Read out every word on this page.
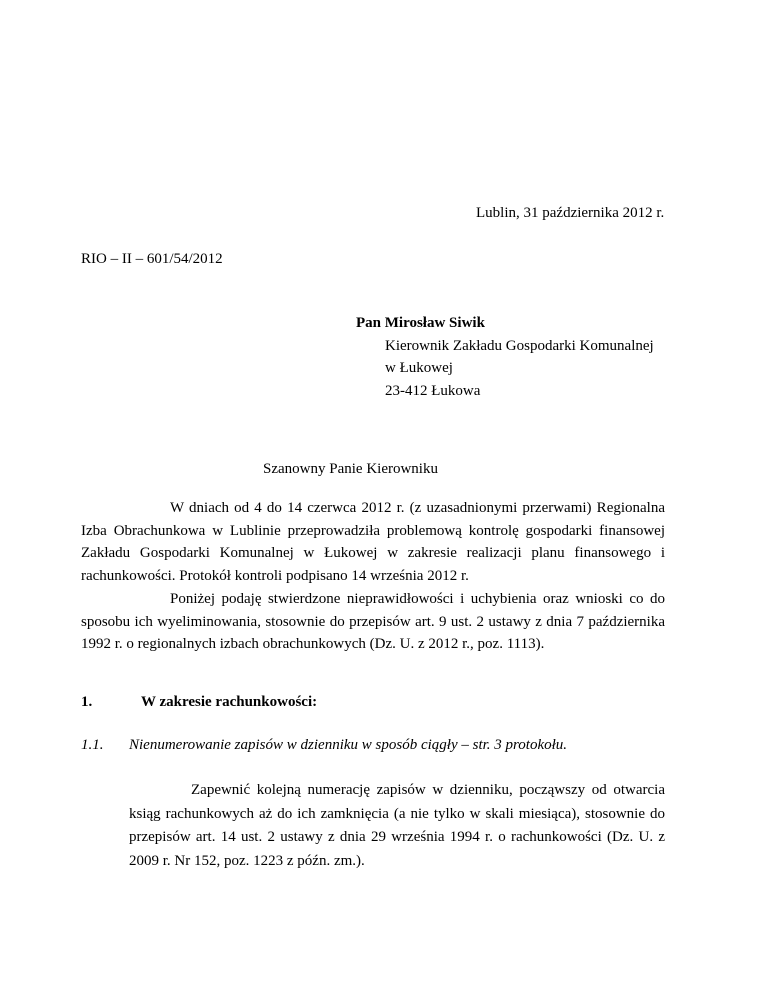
Lublin, 31 października 2012 r.
RIO – II – 601/54/2012
Pan Mirosław Siwik
Kierownik Zakładu Gospodarki Komunalnej
w Łukowej
23-412 Łukowa
Szanowny Panie Kierowniku
W dniach od 4 do 14 czerwca 2012 r. (z uzasadnionymi przerwami) Regionalna Izba Obrachunkowa w Lublinie przeprowadziła problemową kontrolę gospodarki finansowej Zakładu Gospodarki Komunalnej w Łukowej w zakresie realizacji planu finansowego i rachunkowości. Protokół kontroli podpisano 14 września 2012 r.
Poniżej podaję stwierdzone nieprawidłowości i uchybienia oraz wnioski co do sposobu ich wyeliminowania, stosownie do przepisów art. 9 ust. 2 ustawy z dnia 7 października 1992 r. o regionalnych izbach obrachunkowych (Dz. U. z 2012 r., poz. 1113).
1.	W zakresie rachunkowości:
1.1. Nienumerowanie zapisów w dzienniku w sposób ciągły – str. 3 protokołu.
Zapewnić kolejną numerację zapisów w dzienniku, począwszy od otwarcia ksiąg rachunkowych aż do ich zamknięcia (a nie tylko w skali miesiąca), stosownie do przepisów art. 14 ust. 2 ustawy z dnia 29 września 1994 r. o rachunkowości (Dz. U. z 2009 r. Nr 152, poz. 1223 z późn. zm.).
